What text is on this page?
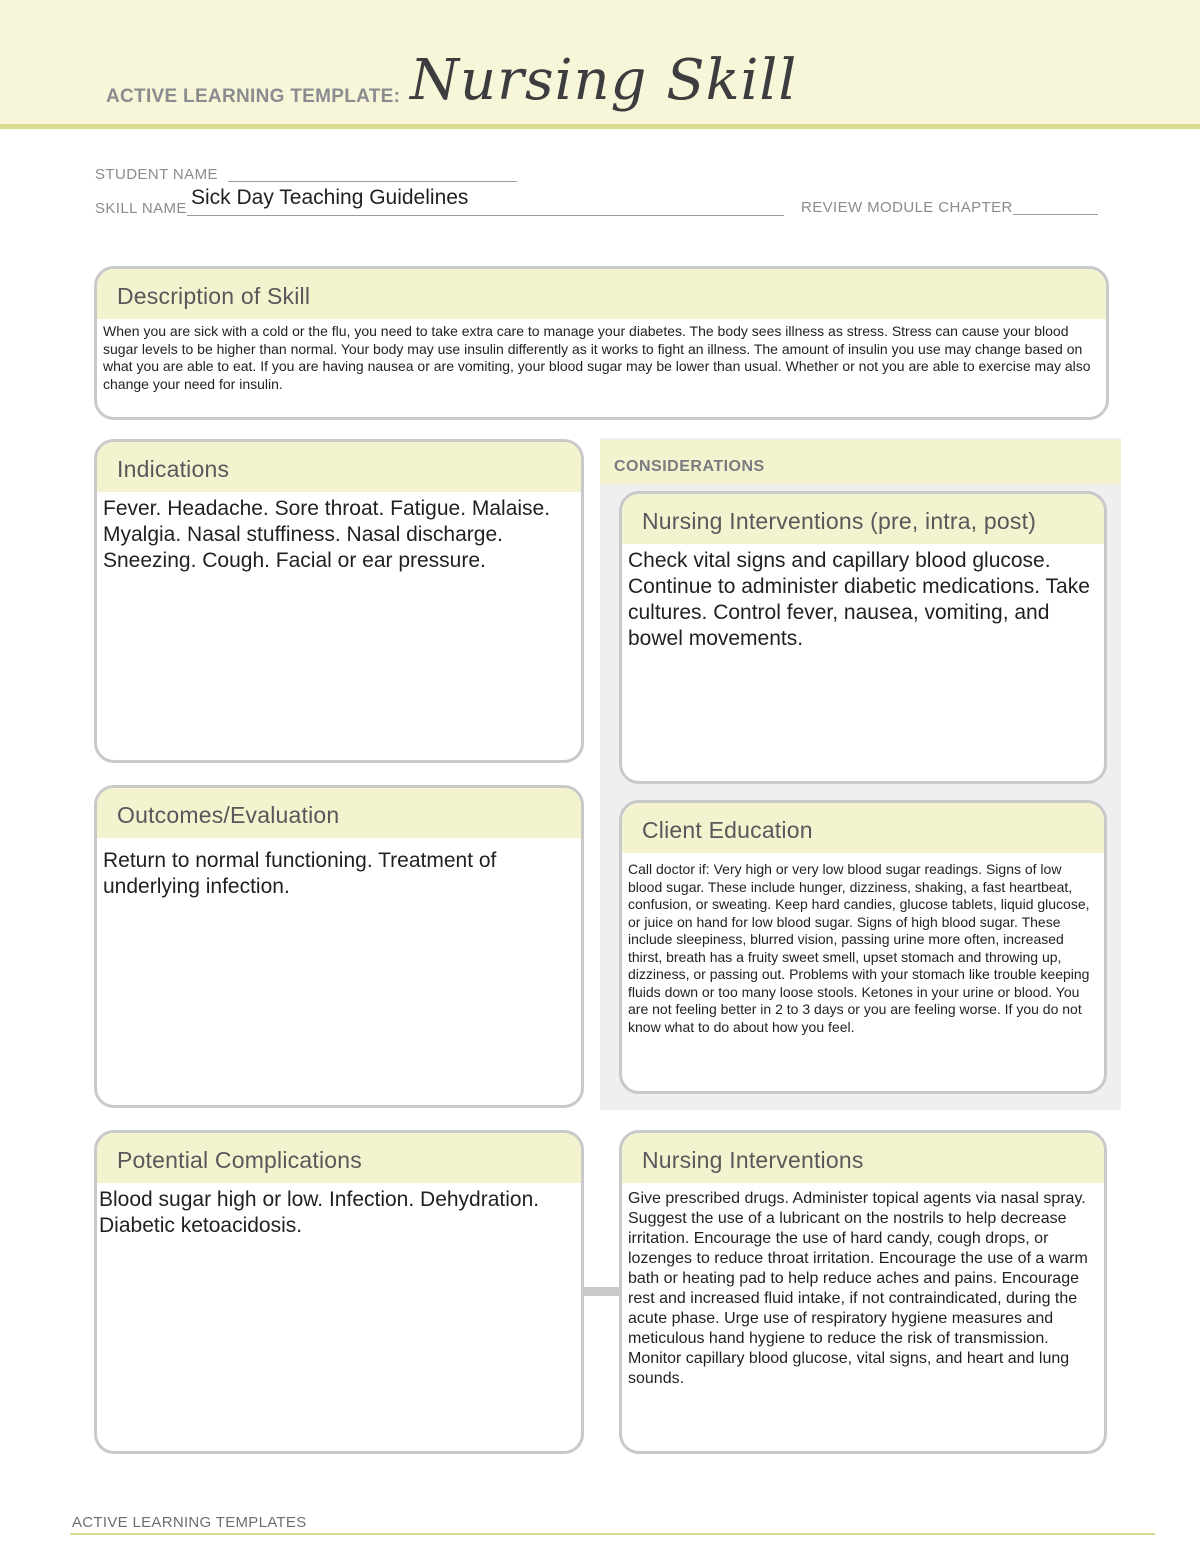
ACTIVE LEARNING TEMPLATE: Nursing Skill
STUDENT NAME
SKILL NAME Sick Day Teaching Guidelines	REVIEW MODULE CHAPTER
Description of Skill
When you are sick with a cold or the flu, you need to take extra care to manage your diabetes. The body sees illness as stress. Stress can cause your blood sugar levels to be higher than normal. Your body may use insulin differently as it works to fight an illness. The amount of insulin you use may change based on what you are able to eat. If you are having nausea or are vomiting, your blood sugar may be lower than usual. Whether or not you are able to exercise may also change your need for insulin.
Indications
Fever. Headache. Sore throat. Fatigue. Malaise. Myalgia. Nasal stuffiness. Nasal discharge. Sneezing. Cough. Facial or ear pressure.
CONSIDERATIONS
Nursing Interventions (pre, intra, post)
Check vital signs and capillary blood glucose. Continue to administer diabetic medications. Take cultures. Control fever, nausea, vomiting, and bowel movements.
Outcomes/Evaluation
Return to normal functioning. Treatment of underlying infection.
Client Education
Call doctor if: Very high or very low blood sugar readings. Signs of low blood sugar. These include hunger, dizziness, shaking, a fast heartbeat, confusion, or sweating. Keep hard candies, glucose tablets, liquid glucose, or juice on hand for low blood sugar. Signs of high blood sugar. These include sleepiness, blurred vision, passing urine more often, increased thirst, breath has a fruity sweet smell, upset stomach and throwing up, dizziness, or passing out. Problems with your stomach like trouble keeping fluids down or too many loose stools. Ketones in your urine or blood. You are not feeling better in 2 to 3 days or you are feeling worse. If you do not know what to do about how you feel.
Potential Complications
Blood sugar high or low. Infection. Dehydration. Diabetic ketoacidosis.
Nursing Interventions
Give prescribed drugs. Administer topical agents via nasal spray. Suggest the use of a lubricant on the nostrils to help decrease irritation. Encourage the use of hard candy, cough drops, or lozenges to reduce throat irritation. Encourage the use of a warm bath or heating pad to help reduce aches and pains. Encourage rest and increased fluid intake, if not contraindicated, during the acute phase. Urge use of respiratory hygiene measures and meticulous hand hygiene to reduce the risk of transmission. Monitor capillary blood glucose, vital signs, and heart and lung sounds.
ACTIVE LEARNING TEMPLATES
